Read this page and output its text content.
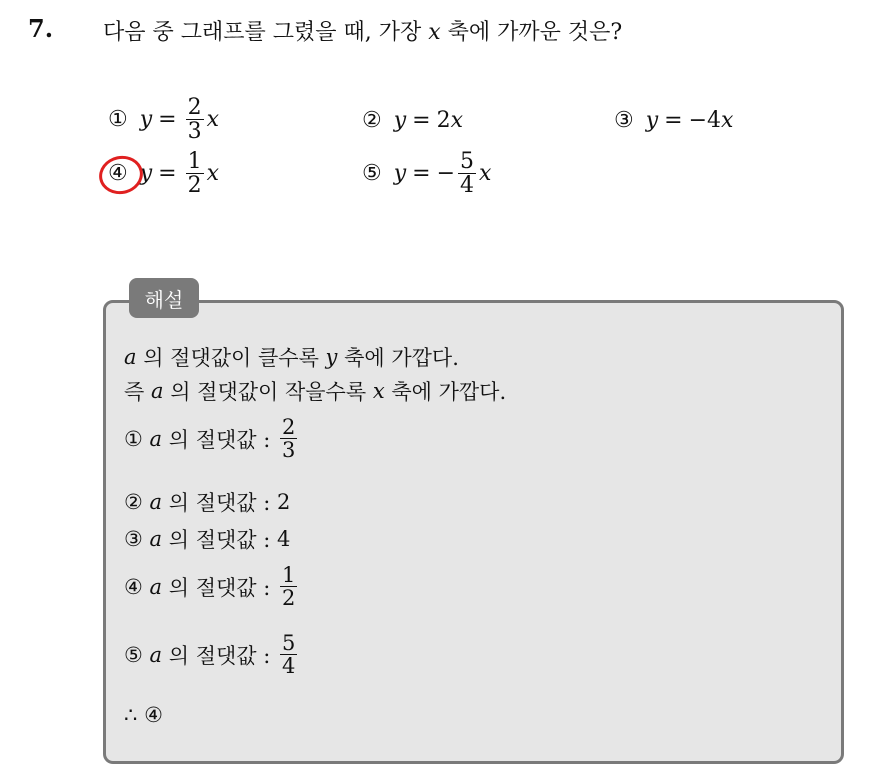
7. 다음 중 그래프를 그렸을 때, 가장 x 축에 가까운 것은?
① $y = \frac{2}{3}$ x	② y = 2 x	③ y = − 4 x
④ $y = \frac{1}{2}$ x	⑤ y = − $\frac{5}{4}$ x
해설
a
의 절댓값이 클수록
y
축에 가깝다.
즉
a
의 절댓값이 작을수록
x
축에 가깝다.
①
a
의 절댓값 :
$\frac{2}{3}$
②
a
의 절댓값 :
2
③
a
의 절댓값 :
4
④
a
의 절댓값 :
$\frac{1}{2}$
⑤
a
의 절댓값 :
$\frac{5}{4}$
∴
④
